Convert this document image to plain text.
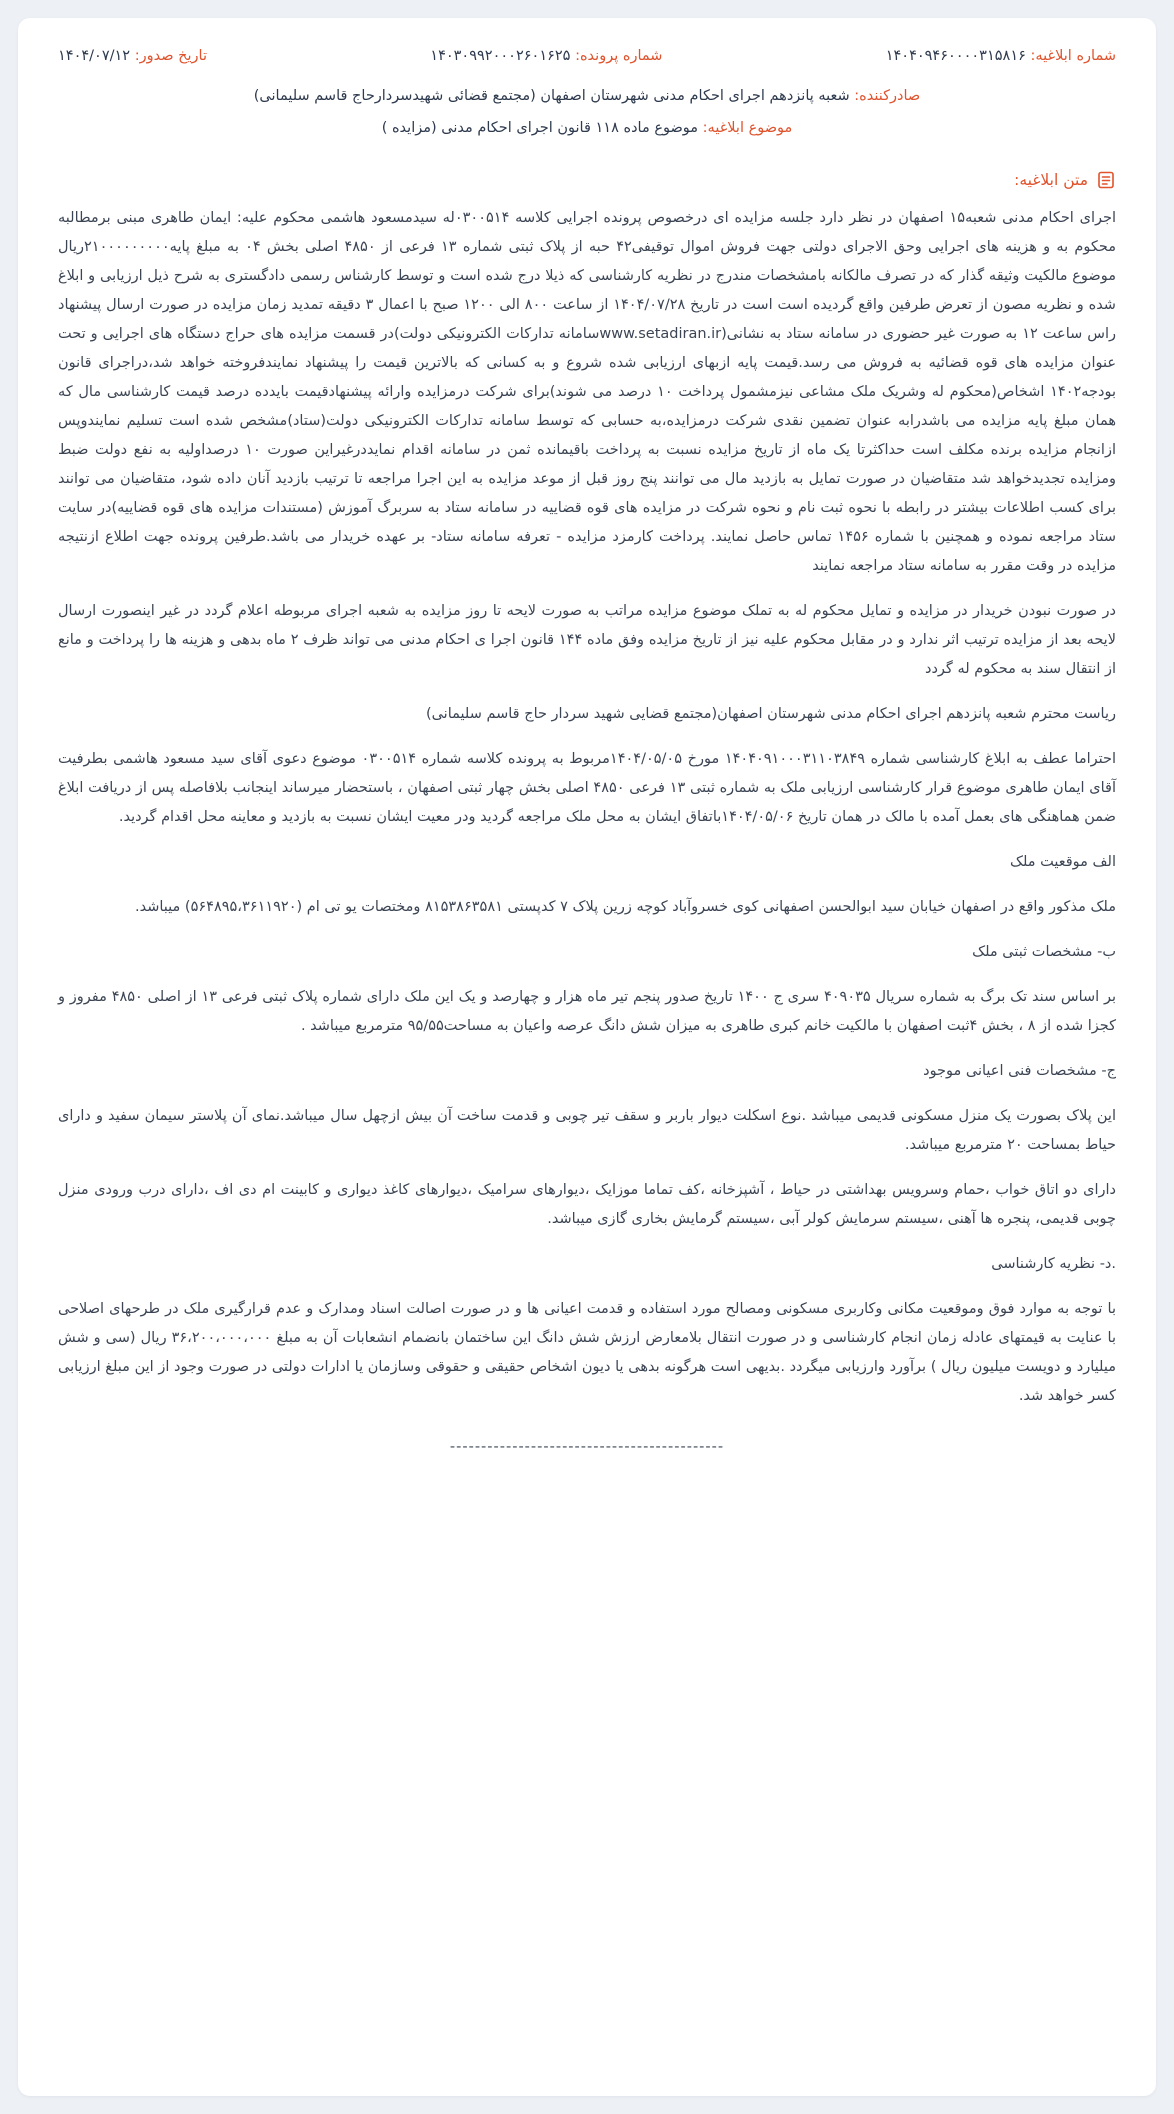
شماره ابلاغیه: ۱۴۰۴۰۹۴۶۰۰۰۰۳۱۵۸۱۶
شماره پرونده: ۱۴۰۳۰۹۹۲۰۰۰۲۶۰۱۶۲۵
تاریخ صدور: ۱۴۰۴/۰۷/۱۲
صادرکننده: شعبه پانزدهم اجرای احکام مدنی شهرستان اصفهان (مجتمع قضائی شهیدسردارحاج قاسم سلیمانی)
موضوع ابلاغیه: موضوع ماده ۱۱۸ قانون اجرای احکام مدنی (مزایده )
متن ابلاغیه:

اجرای احکام مدنی شعبه۱۵ اصفهان در نظر دارد جلسه مزایده ای درخصوص پرونده اجرایی کلاسه ۰۳۰۰۵۱۴له سیدمسعود هاشمی محکوم علیه: ایمان طاهری مبنی برمطالبه محکوم به و هزینه های اجرایی وحق الاجرای دولتی جهت فروش اموال توقیفی۴۲ حبه از پلاک ثبتی شماره ۱۳ فرعی از ۴۸۵۰ اصلی بخش ۰۴ به مبلغ پایه۲۱۰۰۰۰۰۰۰۰۰ریال موضوع مالکیت وثیقه گذار که در تصرف مالکانه بامشخصات مندرج در نظریه کارشناسی که ذیلا درج شده است و توسط کارشناس رسمی دادگستری به شرح ذیل ارزیابی و ابلاغ شده و نظریه مصون از تعرض طرفین واقع گردیده است است در تاریخ ۱۴۰۴/۰۷/۲۸ از ساعت ۸۰۰ الی ۱۲۰۰ صبح با اعمال ۳ دقیقه تمدید زمان مزایده در صورت ارسال پیشنهاد راس ساعت ۱۲ به صورت غیر حضوری در سامانه ستاد به نشانی(www.setadiran.irسامانه تدارکات الکترونیکی دولت)در قسمت مزایده های حراج دستگاه های اجرایی و تحت عنوان مزایده های قوه قضائیه به فروش می رسد.قیمت پایه ازبهای ارزیابی شده شروع و به کسانی که بالاترین قیمت را پیشنهاد نمایندفروخته خواهد شد،دراجرای قانون بودجه۱۴۰۲ اشخاص(محکوم له وشریک ملک مشاعی نیزمشمول پرداخت ۱۰ درصد می شوند)برای شرکت درمزایده وارائه پیشنهادقیمت بایدده درصد قیمت کارشناسی مال که همان مبلغ پایه مزایده می باشدرابه عنوان تضمین نقدی شرکت درمزایده،به حسابی که توسط سامانه تدارکات الکترونیکی دولت(ستاد)مشخص شده است تسلیم نمایندوپس ازانجام مزایده برنده مکلف است حداکثرتا یک ماه از تاریخ مزایده نسبت به پرداخت باقیمانده ثمن در سامانه اقدام نمایددرغیراین صورت ۱۰ درصداولیه به نفع دولت ضبط ومزایده تجدیدخواهد شد متقاضیان در صورت تمایل به بازدید مال می توانند پنج روز قبل از موعد مزایده به این اجرا مراجعه تا ترتیب بازدید آنان داده شود، متقاضیان می توانند برای کسب اطلاعات بیشتر در رابطه با نحوه ثبت نام و نحوه شرکت در مزایده های قوه قضاییه در سامانه ستاد به سربرگ آموزش (مستندات مزایده های قوه قضاییه)در سایت ستاد مراجعه نموده و همچنین با شماره ۱۴۵۶ تماس حاصل نمایند. پرداخت کارمزد مزایده - تعرفه سامانه ستاد- بر عهده خریدار می باشد.طرفین پرونده جهت اطلاع ازنتیجه مزایده در وقت مقرر به سامانه ستاد مراجعه نمایند

در صورت نبودن خریدار در مزایده و تمایل محکوم له به تملک موضوع مزایده مراتب به صورت لایحه تا روز مزایده به شعبه اجرای مربوطه اعلام گردد در غیر اینصورت ارسال لایحه بعد از مزایده ترتیب اثر ندارد و در مقابل محکوم علیه نیز از تاریخ مزایده وفق ماده ۱۴۴ قانون اجرا ی احکام مدنی می تواند ظرف ۲ ماه بدهی و هزینه ها را پرداخت و مانع از انتقال سند به محکوم له گردد

ریاست محترم شعبه پانزدهم اجرای احکام مدنی شهرستان اصفهان(مجتمع قضایی شهید سردار حاج قاسم سلیمانی)

احتراما عطف به ابلاغ کارشناسی شماره ۱۴۰۴۰۹۱۰۰۰۳۱۱۰۳۸۴۹ مورخ ۱۴۰۴/۰۵/۰۵مربوط به پرونده کلاسه شماره ۰۳۰۰۵۱۴ موضوع دعوی آقای سید مسعود هاشمی بطرفیت آقای ایمان طاهری موضوع قرار کارشناسی ارزیابی ملک به شماره ثبتی ۱۳ فرعی ۴۸۵۰ اصلی بخش چهار ثبتی اصفهان ، باستحضار میرساند اینجانب بلافاصله پس از دریافت ابلاغ ضمن هماهنگی های بعمل آمده با مالک در همان تاریخ ۱۴۰۴/۰۵/۰۶باتفاق ایشان به محل ملک مراجعه گردید ودر معیت ایشان نسبت به بازدید و معاینه محل اقدام گردید.

الف موقعیت ملک

ملک مذکور واقع در اصفهان خیابان سید ابوالحسن اصفهانی کوی خسروآباد کوچه زرین پلاک ۷ کدپستی ۸۱۵۳۸۶۳۵۸۱ ومختصات یو تی ام (۵۶۴۸۹۵،۳۶۱۱۹۲۰) میباشد.

ب- مشخصات ثبتی ملک

بر اساس سند تک برگ به شماره سریال ۴۰۹۰۳۵ سری ج ۱۴۰۰ تاریخ صدور پنجم تیر ماه هزار و چهارصد و یک این ملک دارای شماره پلاک ثبتی فرعی ۱۳ از اصلی ۴۸۵۰ مفروز و کجزا شده از ۸ ، بخش ۴ثبت اصفهان با مالکیت خانم کبری طاهری به میزان شش دانگ عرصه واعیان به مساحت۹۵/۵۵ مترمربع میباشد .

ج- مشخصات فنی اعیانی موجود

این پلاک بصورت یک منزل مسکونی قدیمی میباشد .نوع اسکلت دیوار باربر و سقف تیر چوبی و قدمت ساخت آن بیش ازچهل سال میباشد.نمای آن پلاستر سیمان سفید و دارای حیاط بمساحت ۲۰ مترمربع میباشد.

دارای دو اتاق خواب ،حمام وسرویس بهداشتی در حیاط ، آشپزخانه ،کف تماما موزایک ،دیوارهای سرامیک ،دیوارهای کاغذ دیواری و کابینت ام دی اف ،دارای درب ورودی منزل چوبی قدیمی، پنجره ها آهنی ،سیستم سرمایش کولر آبی ،سیستم گرمایش بخاری گازی میباشد.

.د- نظریه کارشناسی

با توجه به موارد فوق وموقعیت مکانی وکاربری مسکونی ومصالح مورد استفاده و قدمت اعیانی ها و در صورت اصالت اسناد ومدارک و عدم قرارگیری ملک در طرحهای اصلاحی با عنایت به قیمتهای عادله زمان انجام کارشناسی و در صورت انتقال بلامعارض ارزش شش دانگ این ساختمان بانضمام انشعابات آن به مبلغ ۳۶،۲۰۰،۰۰۰،۰۰۰ ریال (سی و شش میلیارد و دویست میلیون ریال ) برآورد وارزیابی میگردد .بدیهی است هرگونه بدهی یا دیون اشخاص حقیقی و حقوقی وسازمان یا ادارات دولتی در صورت وجود از این مبلغ ارزیابی کسر خواهد شد.

--------------------------------------------
